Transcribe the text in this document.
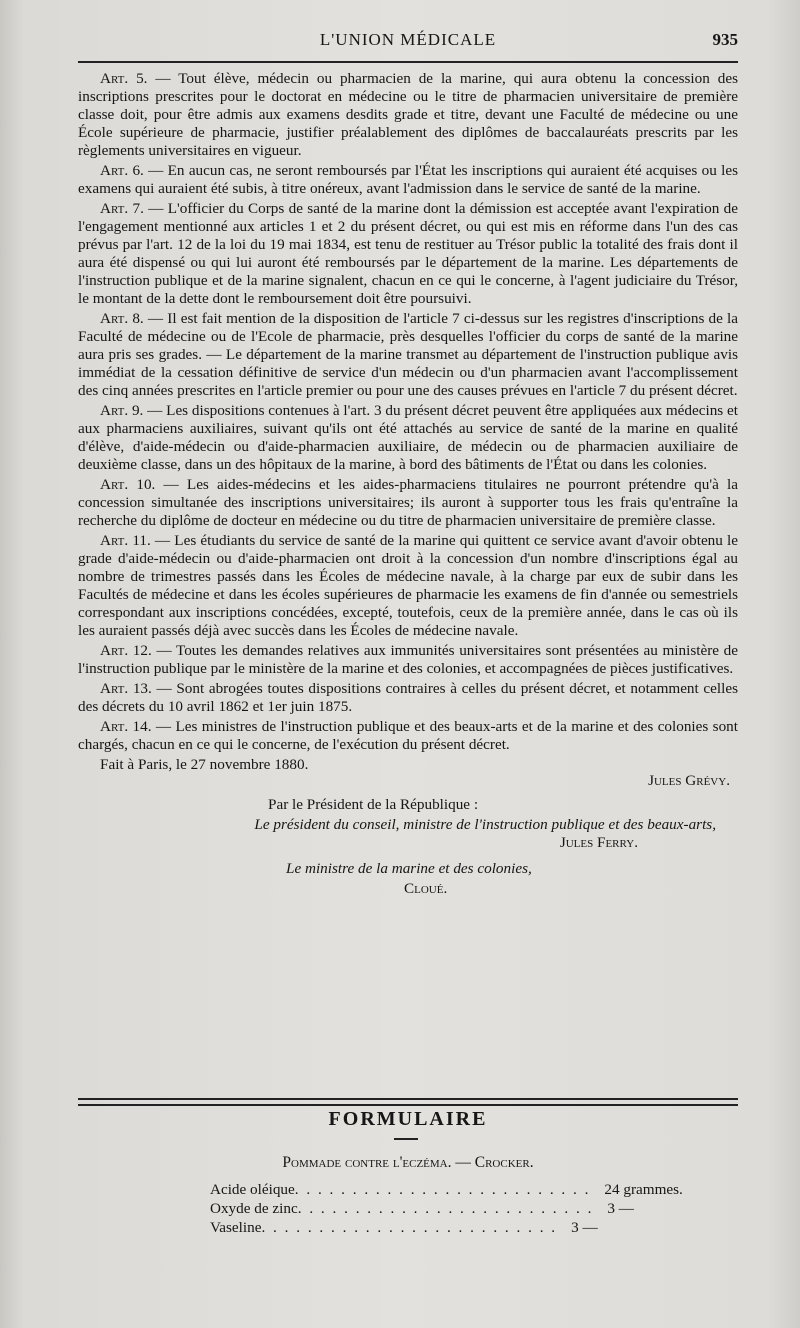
L'UNION MÉDICALE	935

Art. 5. — Tout élève, médecin ou pharmacien de la marine, qui aura obtenu la concession des inscriptions prescrites pour le doctorat en médecine ou le titre de pharmacien universitaire de première classe doit, pour être admis aux examens desdits grade et titre, devant une Faculté de médecine ou une École supérieure de pharmacie, justifier préalablement des diplômes de baccalauréats prescrits par les règlements universitaires en vigueur.

Art. 6. — En aucun cas, ne seront remboursés par l'État les inscriptions qui auraient été acquises ou les examens qui auraient été subis, à titre onéreux, avant l'admission dans le service de santé de la marine.

Art. 7. — L'officier du Corps de santé de la marine dont la démission est acceptée avant l'expiration de l'engagement mentionné aux articles 1 et 2 du présent décret, ou qui est mis en réforme dans l'un des cas prévus par l'art. 12 de la loi du 19 mai 1834, est tenu de restituer au Trésor public la totalité des frais dont il aura été dispensé ou qui lui auront été remboursés par le département de la marine. Les départements de l'instruction publique et de la marine signalent, chacun en ce qui le concerne, à l'agent judiciaire du Trésor, le montant de la dette dont le remboursement doit être poursuivi.

Art. 8. — Il est fait mention de la disposition de l'article 7 ci-dessus sur les registres d'inscriptions de la Faculté de médecine ou de l'Ecole de pharmacie, près desquelles l'officier du corps de santé de la marine aura pris ses grades. — Le département de la marine transmet au département de l'instruction publique avis immédiat de la cessation définitive de service d'un médecin ou d'un pharmacien avant l'accomplissement des cinq années prescrites en l'article premier ou pour une des causes prévues en l'article 7 du présent décret.

Art. 9. — Les dispositions contenues à l'art. 3 du présent décret peuvent être appliquées aux médecins et aux pharmaciens auxiliaires, suivant qu'ils ont été attachés au service de santé de la marine en qualité d'élève, d'aide-médecin ou d'aide-pharmacien auxiliaire, de médecin ou de pharmacien auxiliaire de deuxième classe, dans un des hôpitaux de la marine, à bord des bâtiments de l'État ou dans les colonies.

Art. 10. — Les aides-médecins et les aides-pharmaciens titulaires ne pourront prétendre qu'à la concession simultanée des inscriptions universitaires; ils auront à supporter tous les frais qu'entraîne la recherche du diplôme de docteur en médecine ou du titre de pharmacien universitaire de première classe.

Art. 11. — Les étudiants du service de santé de la marine qui quittent ce service avant d'avoir obtenu le grade d'aide-médecin ou d'aide-pharmacien ont droit à la concession d'un nombre d'inscriptions égal au nombre de trimestres passés dans les Écoles de médecine navale, à la charge par eux de subir dans les Facultés de médecine et dans les écoles supérieures de pharmacie les examens de fin d'année ou semestriels correspondant aux inscriptions concédées, excepté, toutefois, ceux de la première année, dans le cas où ils les auraient passés déjà avec succès dans les Écoles de médecine navale.

Art. 12. — Toutes les demandes relatives aux immunités universitaires sont présentées au ministère de l'instruction publique par le ministère de la marine et des colonies, et accompagnées de pièces justificatives.

Art. 13. — Sont abrogées toutes dispositions contraires à celles du présent décret, et notamment celles des décrets du 10 avril 1862 et 1er juin 1875.

Art. 14. — Les ministres de l'instruction publique et des beaux-arts et de la marine et des colonies sont chargés, chacun en ce qui le concerne, de l'exécution du présent décret.

Fait à Paris, le 27 novembre 1880.

Jules Grévy.

Par le Président de la République :

Le président du conseil, ministre de l'instruction publique et des beaux-arts,

Jules Ferry.

Le ministre de la marine et des colonies,

Cloué.

FORMULAIRE
Pommade contre l'eczéma. — Crocker.
Acide oléique . . . . . . . . . . . . . . . . . . . . . . . . . . 24 grammes.
Oxyde de zinc . . . . . . . . . . . . . . . . . . . . . . . . . . 3 —
Vaseline . . . . . . . . . . . . . . . . . . . . . . . . . . 3 —
